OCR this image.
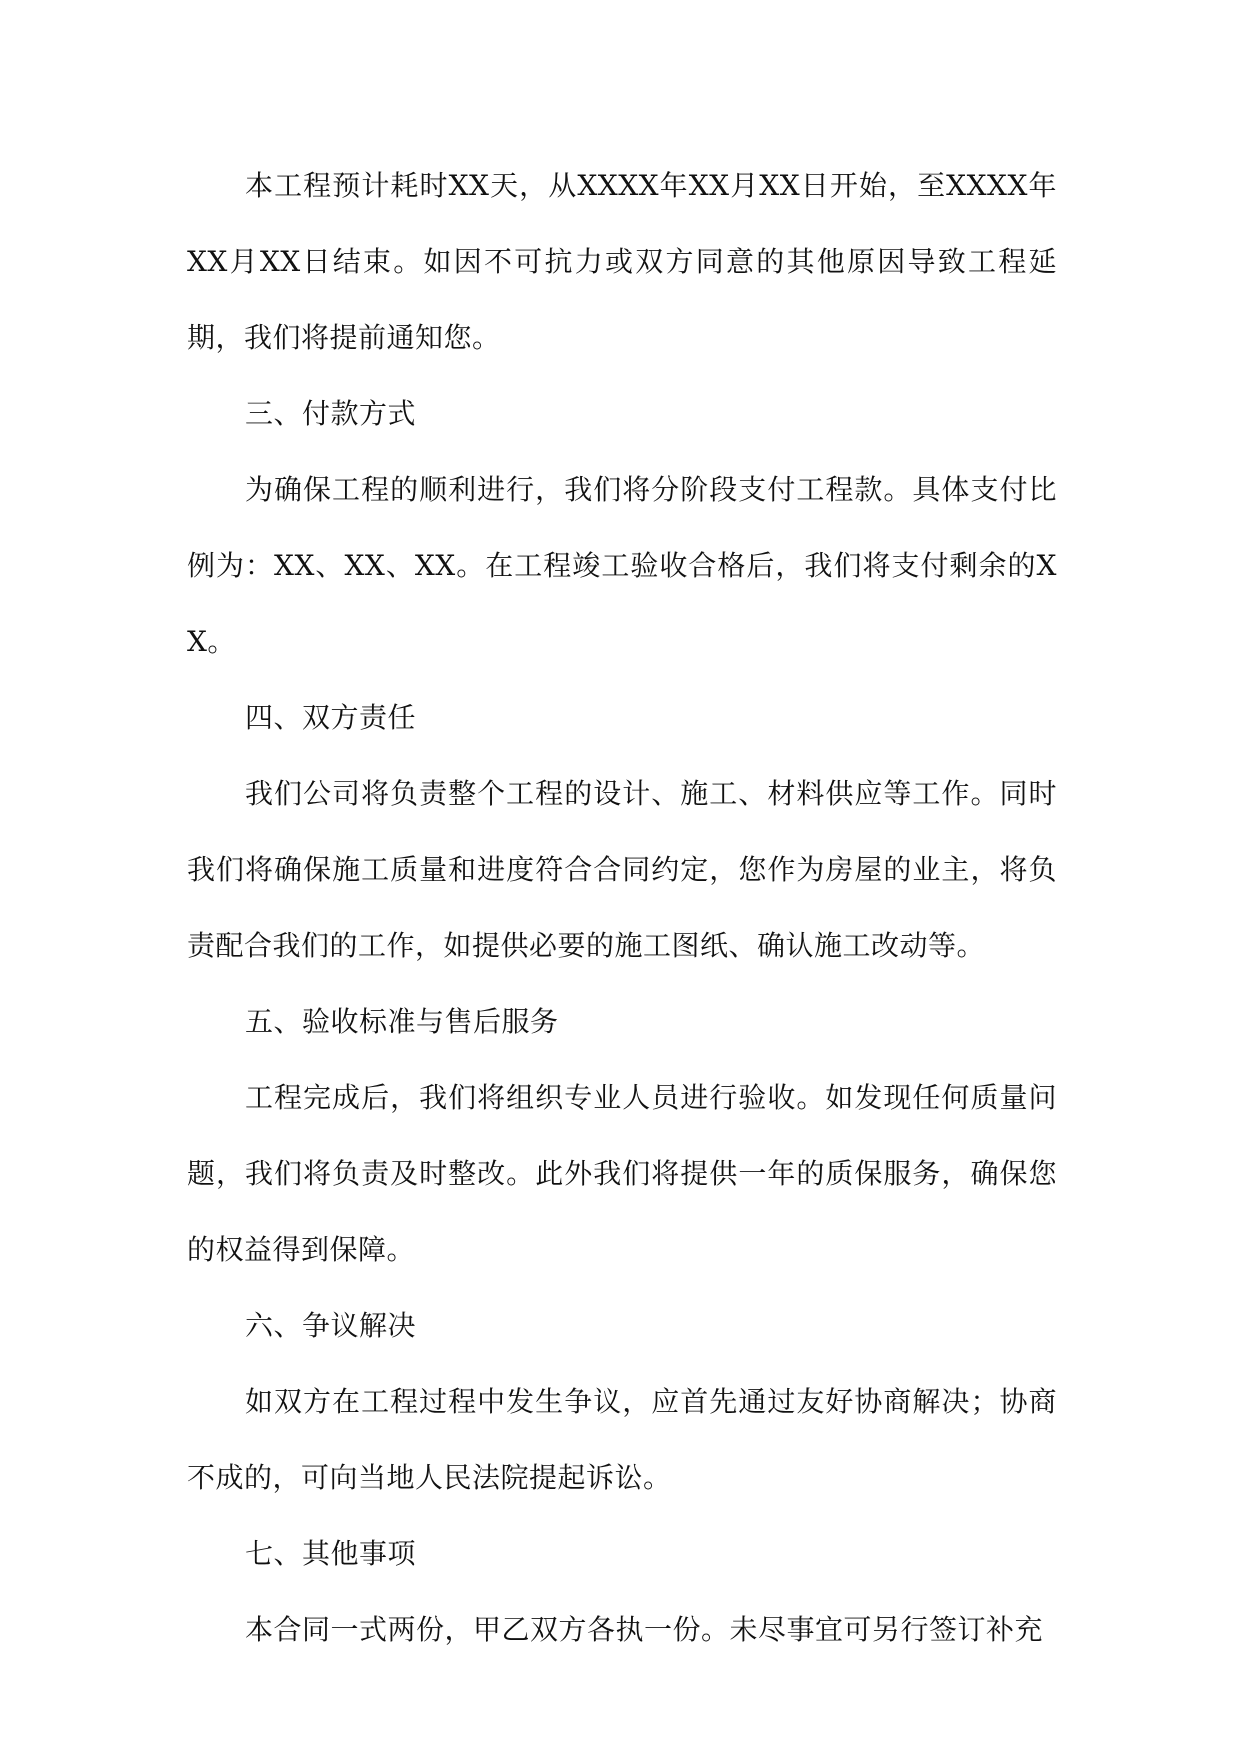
本工程预计耗时XX天，从XXXX年XX月XX日开始，至XXXX年XX月XX日结束。如因不可抗力或双方同意的其他原因导致工程延期，我们将提前通知您。

三、付款方式

为确保工程的顺利进行，我们将分阶段支付工程款。具体支付比例为：XX、XX、XX。在工程竣工验收合格后，我们将支付剩余的XX。

四、双方责任

我们公司将负责整个工程的设计、施工、材料供应等工作。同时我们将确保施工质量和进度符合合同约定，您作为房屋的业主，将负责配合我们的工作，如提供必要的施工图纸、确认施工改动等。

五、验收标准与售后服务

工程完成后，我们将组织专业人员进行验收。如发现任何质量问题，我们将负责及时整改。此外我们将提供一年的质保服务，确保您的权益得到保障。

六、争议解决

如双方在工程过程中发生争议，应首先通过友好协商解决；协商不成的，可向当地人民法院提起诉讼。

七、其他事项

本合同一式两份，甲乙双方各执一份。未尽事宜可另行签订补充
